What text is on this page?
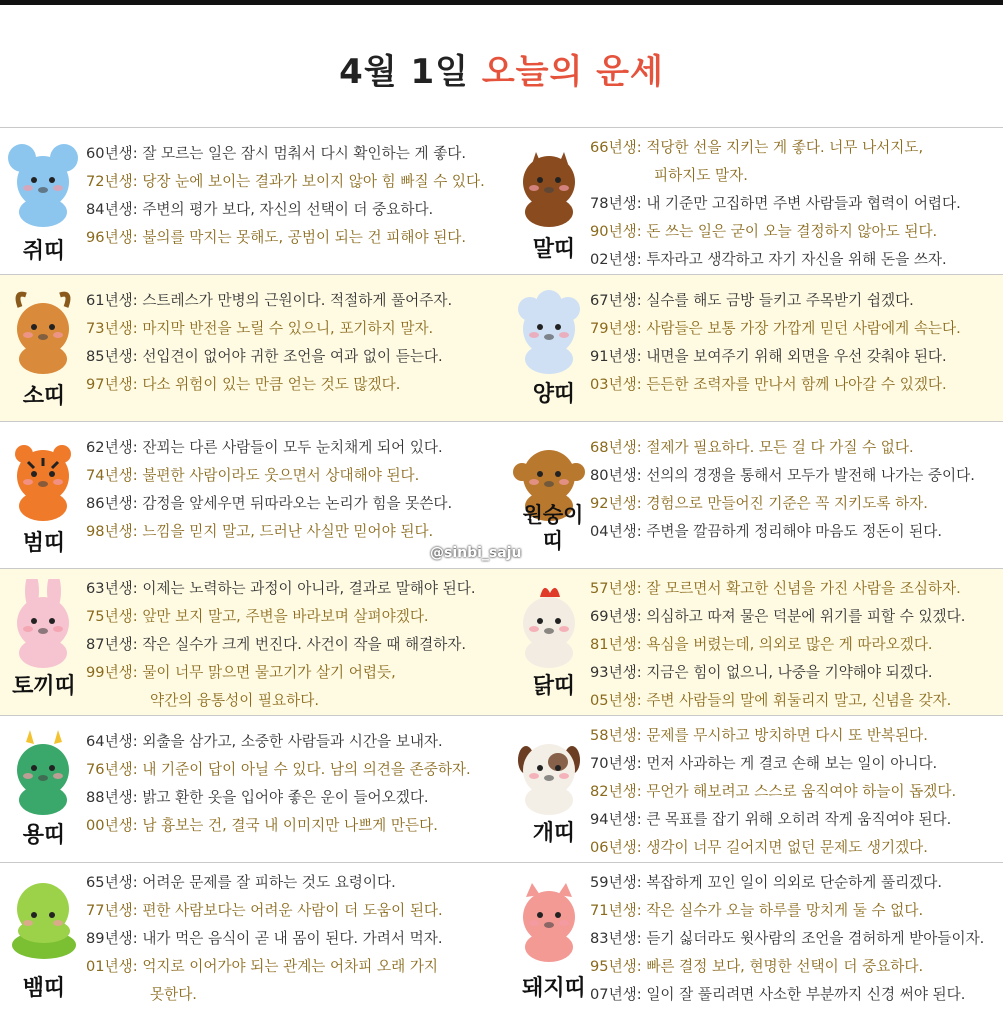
4월 1일 오늘의 운세
쥐띠
60년생: 잘 모르는 일은 잠시 멈춰서 다시 확인하는 게 좋다.
72년생: 당장 눈에 보이는 결과가 보이지 않아 힘 빠질 수 있다.
84년생: 주변의 평가 보다, 자신의 선택이 더 중요하다.
96년생: 불의를 막지는 못해도, 공범이 되는 건 피해야 된다.	말띠
66년생: 적당한 선을 지키는 게 좋다. 너무 나서지도,
피하지도 말자.
78년생: 내 기준만 고집하면 주변 사람들과 협력이 어렵다.
90년생: 돈 쓰는 일은 굳이 오늘 결정하지 않아도 된다.
02년생: 투자라고 생각하고 자기 자신을 위해 돈을 쓰자.
소띠
61년생: 스트레스가 만병의 근원이다. 적절하게 풀어주자.
73년생: 마지막 반전을 노릴 수 있으니, 포기하지 말자.
85년생: 선입견이 없어야 귀한 조언을 여과 없이 듣는다.
97년생: 다소 위험이 있는 만큼 얻는 것도 많겠다.	양띠
67년생: 실수를 해도 금방 들키고 주목받기 쉽겠다.
79년생: 사람들은 보통 가장 가깝게 믿던 사람에게 속는다.
91년생: 내면을 보여주기 위해 외면을 우선 갖춰야 된다.
03년생: 든든한 조력자를 만나서 함께 나아갈 수 있겠다.
범띠
62년생: 잔꾀는 다른 사람들이 모두 눈치채게 되어 있다.
74년생: 불편한 사람이라도 웃으면서 상대해야 된다.
86년생: 감정을 앞세우면 뒤따라오는 논리가 힘을 못쓴다.
98년생: 느낌을 믿지 말고, 드러난 사실만 믿어야 된다.
원숭이띠
68년생: 절제가 필요하다. 모든 걸 다 가질 수 없다.
80년생: 선의의 경쟁을 통해서 모두가 발전해 나가는 중이다.
92년생: 경험으로 만들어진 기준은 꼭 지키도록 하자.
04년생: 주변을 깔끔하게 정리해야 마음도 정돈이 된다.
토끼띠
63년생: 이제는 노력하는 과정이 아니라, 결과로 말해야 된다.
75년생: 앞만 보지 말고, 주변을 바라보며 살펴야겠다.
87년생: 작은 실수가 크게 번진다. 사건이 작을 때 해결하자.
99년생: 물이 너무 맑으면 물고기가 살기 어렵듯,
약간의 융통성이 필요하다.
닭띠
57년생: 잘 모르면서 확고한 신념을 가진 사람을 조심하자.
69년생: 의심하고 따져 물은 덕분에 위기를 피할 수 있겠다.
81년생: 욕심을 버렸는데, 의외로 많은 게 따라오겠다.
93년생: 지금은 힘이 없으니, 나중을 기약해야 되겠다.
05년생: 주변 사람들의 말에 휘둘리지 말고, 신념을 갖자.
용띠
64년생: 외출을 삼가고, 소중한 사람들과 시간을 보내자.
76년생: 내 기준이 답이 아닐 수 있다. 남의 의견을 존중하자.
88년생: 밝고 환한 옷을 입어야 좋은 운이 들어오겠다.
00년생: 남 흉보는 건, 결국 내 이미지만 나쁘게 만든다.	개띠
58년생: 문제를 무시하고 방치하면 다시 또 반복된다.
70년생: 먼저 사과하는 게 결코 손해 보는 일이 아니다.
82년생: 무언가 해보려고 스스로 움직여야 하늘이 돕겠다.
94년생: 큰 목표를 잡기 위해 오히려 작게 움직여야 된다.
06년생: 생각이 너무 길어지면 없던 문제도 생기겠다.
뱀띠
65년생: 어려운 문제를 잘 피하는 것도 요령이다.
77년생: 편한 사람보다는 어려운 사람이 더 도움이 된다.
89년생: 내가 먹은 음식이 곧 내 몸이 된다. 가려서 먹자.
01년생: 억지로 이어가야 되는 관계는 어차피 오래 가지
못한다.	돼지띠
59년생: 복잡하게 꼬인 일이 의외로 단순하게 풀리겠다.
71년생: 작은 실수가 오늘 하루를 망치게 둘 수 없다.
83년생: 듣기 싫더라도 윗사람의 조언을 겸허하게 받아들이자.
95년생: 빠른 결정 보다, 현명한 선택이 더 중요하다.
07년생: 일이 잘 풀리려면 사소한 부분까지 신경 써야 된다.
@sinbi_saju
